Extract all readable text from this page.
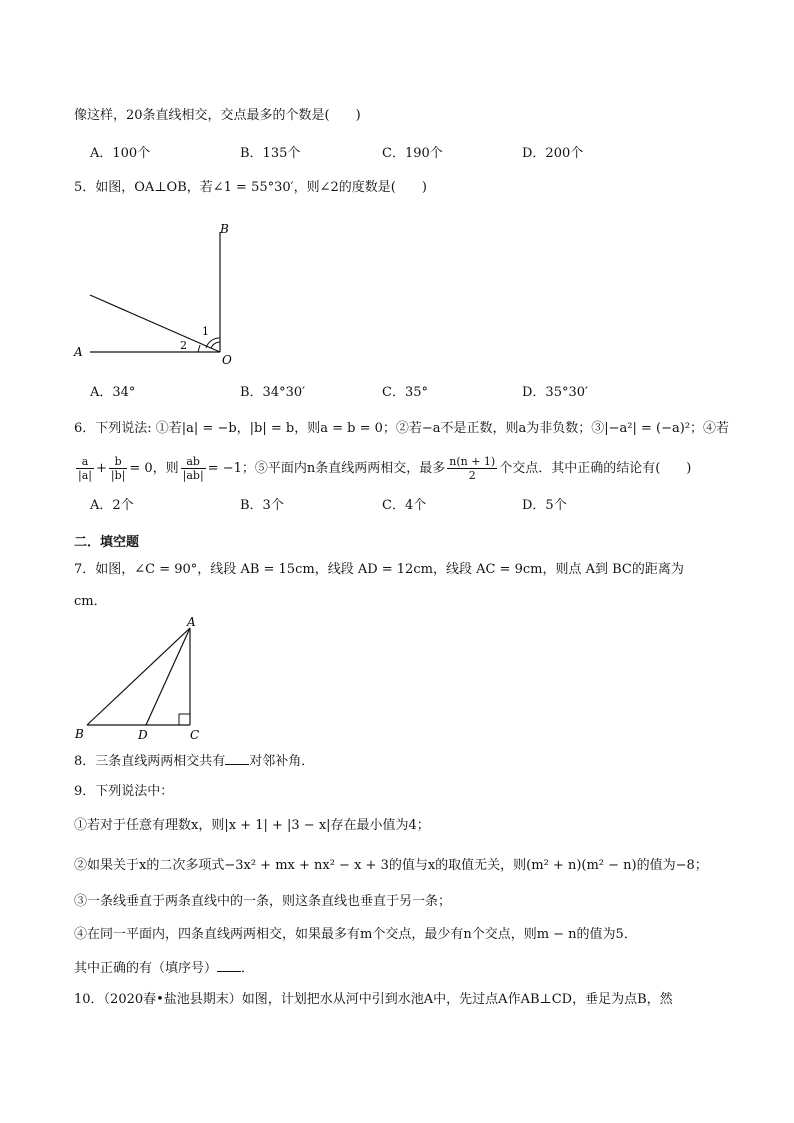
像这样，20条直线相交，交点最多的个数是(　　)
A．100个	B．135个	C．190个	D．200个
5．如图，OA⊥OB，若∠1 = 55°30′，则∠2的度数是(　　)
B
A
O
1
2
A．34°	B．34°30′	C．35°	D．35°30′
6．下列说法: ①若|a| = −b，|b| = b，则a = b = 0；②若−a不是正数，则a为非负数；③|−a²| = (−a)²；④若
$\frac{a}{|a|} + \frac{b}{|b|} = 0$，则 $\frac{ab}{|ab|} = -1$；⑤平面内n条直线两两相交，最多 $\frac{n(n + 1)}{2}$ 个交点．其中正确的结论有(　　)
A．2个	B．3个	C．4个	D．5个
二．填空题
7．如图，∠C = 90°，线段 AB = 15cm，线段 AD = 12cm，线段 AC = 9cm，则点 A到 BC的距离为
cm．
A
B	D	C
8．三条直线两两相交共有 对邻补角．
9．下列说法中：
①若对于任意有理数x，则|x + 1| + |3 − x|存在最小值为4；
②如果关于x的二次多项式−3x² + mx + nx² − x + 3的值与x的取值无关，则(m² + n)(m² − n)的值为−8；
③一条线垂直于两条直线中的一条，则这条直线也垂直于另一条；
④在同一平面内，四条直线两两相交，如果最多有m个交点，最少有n个交点，则m − n的值为5．
其中正确的有（填序号） ．
10．（2020春•盐池县期末）如图，计划把水从河中引到水池A中，先过点A作AB⊥CD，垂足为点B，然
